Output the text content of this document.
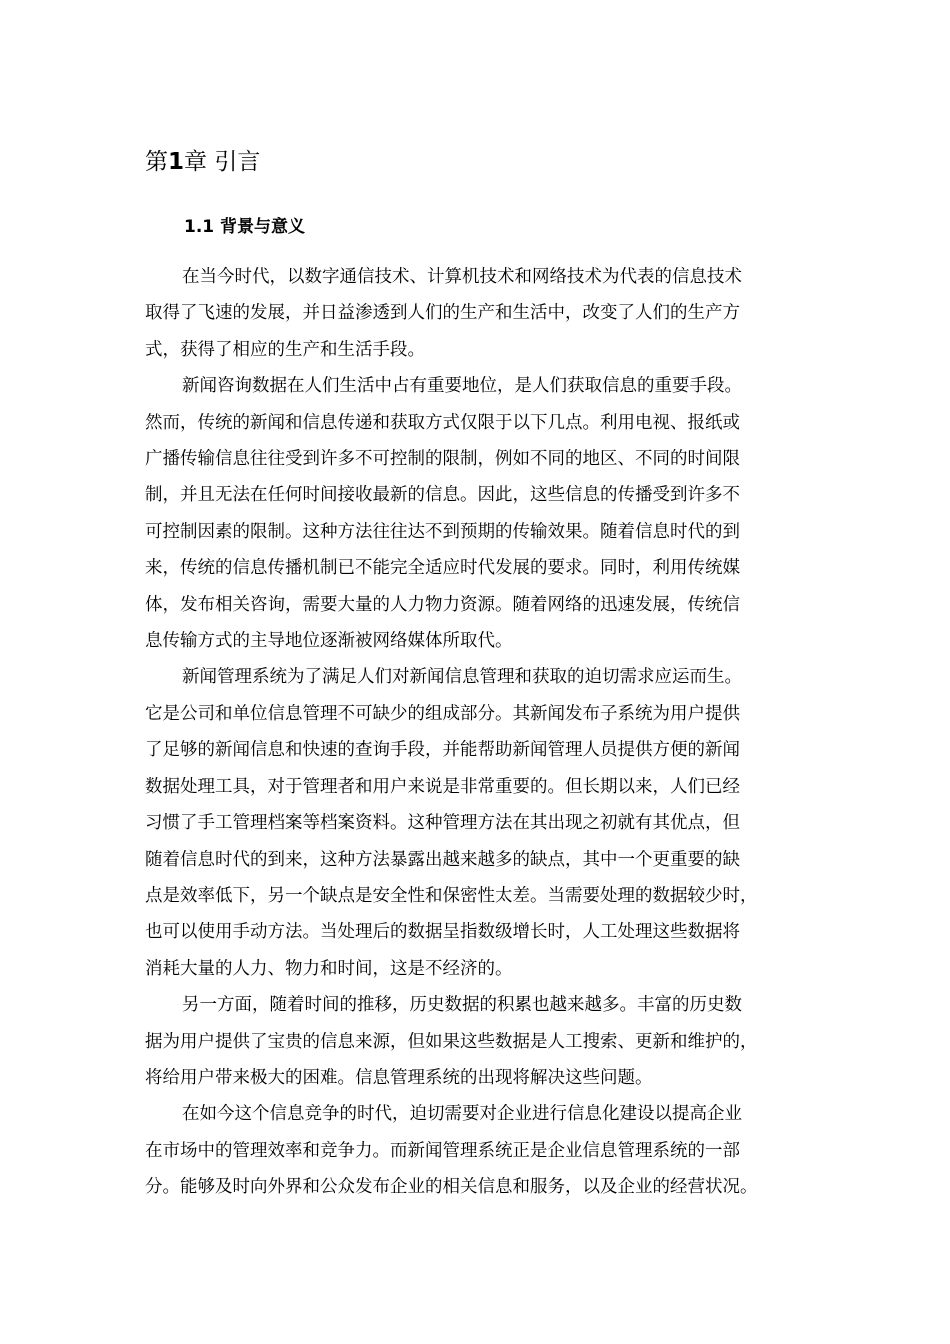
第1章 引言
1.1 背景与意义
在当今时代，以数字通信技术、计算机技术和网络技术为代表的信息技术
取得了飞速的发展，并日益渗透到人们的生产和生活中，改变了人们的生产方
式，获得了相应的生产和生活手段。
新闻咨询数据在人们生活中占有重要地位，是人们获取信息的重要手段。
然而，传统的新闻和信息传递和获取方式仅限于以下几点。利用电视、报纸或
广播传输信息往往受到许多不可控制的限制，例如不同的地区、不同的时间限
制，并且无法在任何时间接收最新的信息。因此，这些信息的传播受到许多不
可控制因素的限制。这种方法往往达不到预期的传输效果。随着信息时代的到
来，传统的信息传播机制已不能完全适应时代发展的要求。同时，利用传统媒
体，发布相关咨询，需要大量的人力物力资源。随着网络的迅速发展，传统信
息传输方式的主导地位逐渐被网络媒体所取代。
新闻管理系统为了满足人们对新闻信息管理和获取的迫切需求应运而生。
它是公司和单位信息管理不可缺少的组成部分。其新闻发布子系统为用户提供
了足够的新闻信息和快速的查询手段，并能帮助新闻管理人员提供方便的新闻
数据处理工具，对于管理者和用户来说是非常重要的。但长期以来，人们已经
习惯了手工管理档案等档案资料。这种管理方法在其出现之初就有其优点，但
随着信息时代的到来，这种方法暴露出越来越多的缺点，其中一个更重要的缺
点是效率低下，另一个缺点是安全性和保密性太差。当需要处理的数据较少时，
也可以使用手动方法。当处理后的数据呈指数级增长时，人工处理这些数据将
消耗大量的人力、物力和时间，这是不经济的。
另一方面，随着时间的推移，历史数据的积累也越来越多。丰富的历史数
据为用户提供了宝贵的信息来源，但如果这些数据是人工搜索、更新和维护的，
将给用户带来极大的困难。信息管理系统的出现将解决这些问题。
在如今这个信息竞争的时代，迫切需要对企业进行信息化建设以提高企业
在市场中的管理效率和竞争力。而新闻管理系统正是企业信息管理系统的一部
分。能够及时向外界和公众发布企业的相关信息和服务，以及企业的经营状况。
